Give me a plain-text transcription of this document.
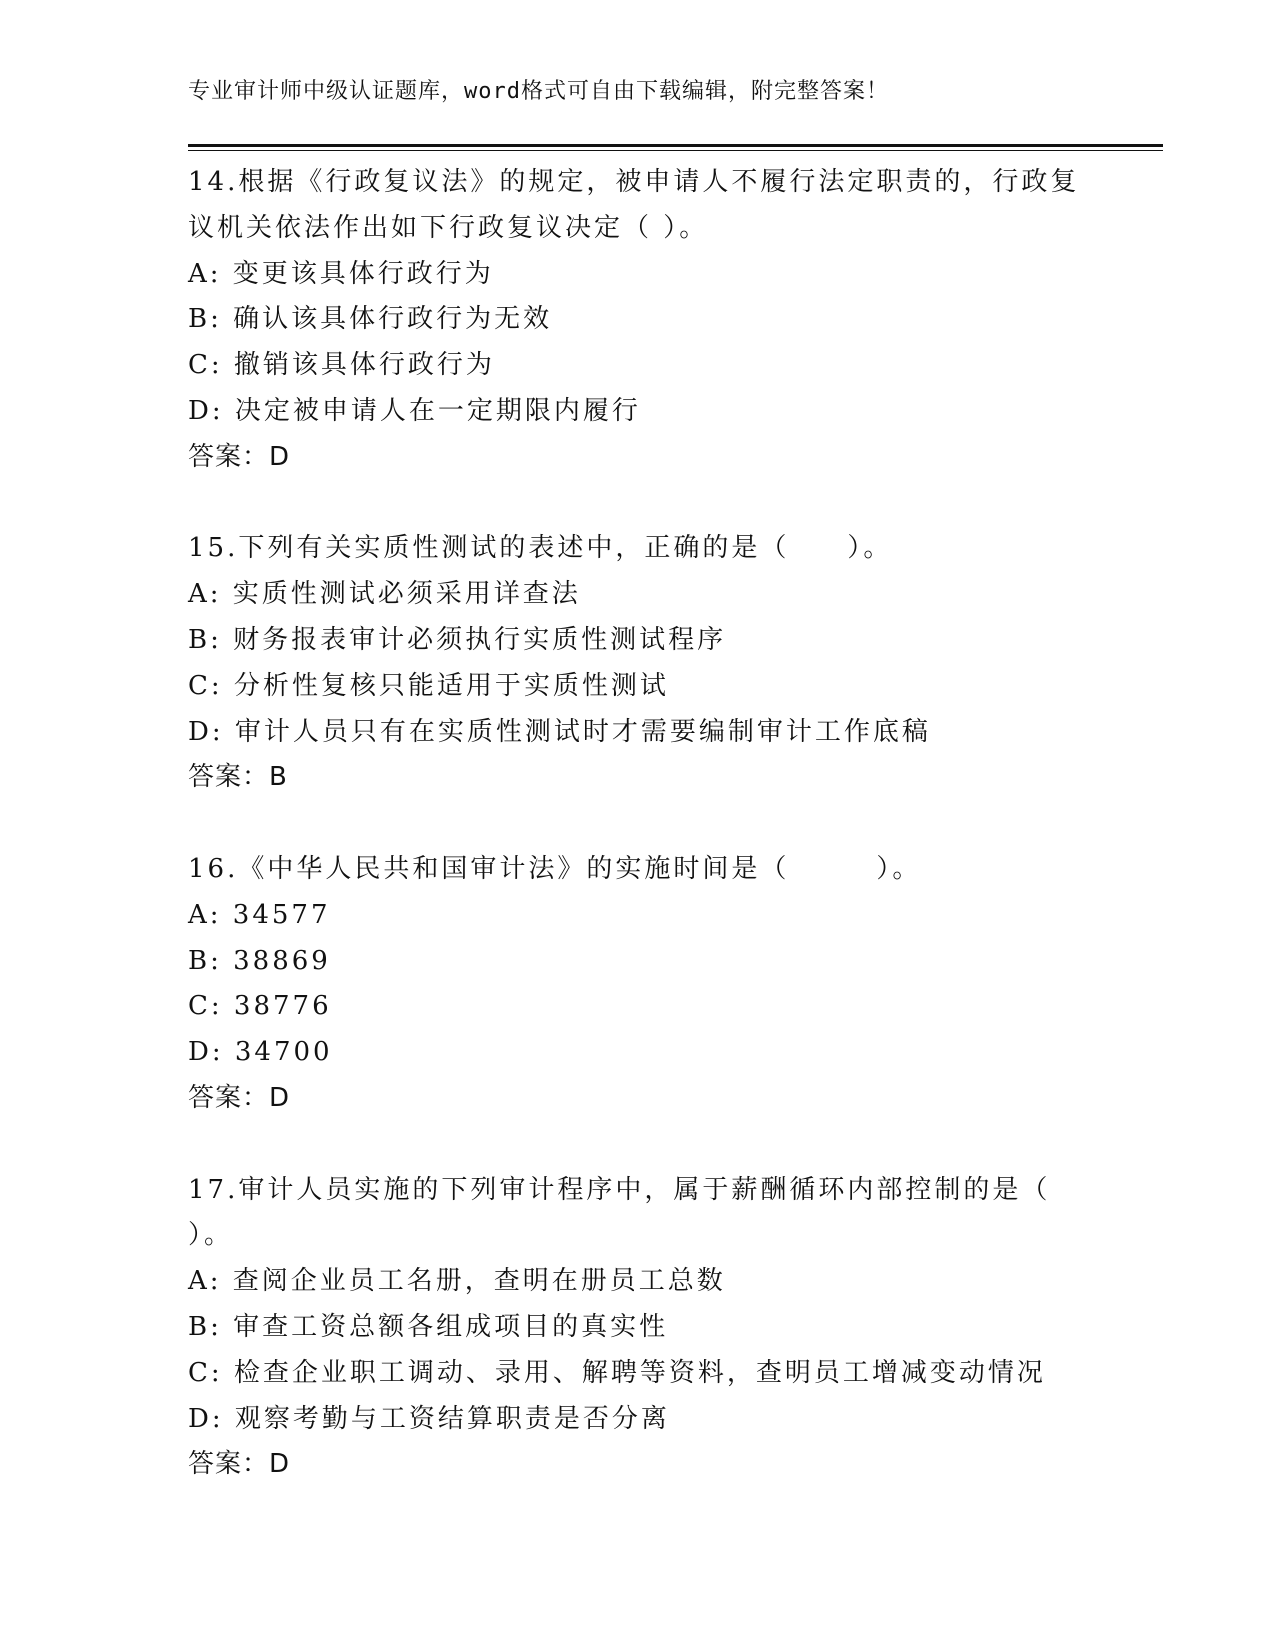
专业审计师中级认证题库，word格式可自由下载编辑，附完整答案！
14.根据《行政复议法》的规定，被申请人不履行法定职责的，行政复
议机关依法作出如下行政复议决定（ ）。
A: 变更该具体行政行为
B: 确认该具体行政行为无效
C: 撤销该具体行政行为
D: 决定被申请人在一定期限内履行
答案：D
15.下列有关实质性测试的表述中，正确的是（　　）。
A: 实质性测试必须采用详查法
B: 财务报表审计必须执行实质性测试程序
C: 分析性复核只能适用于实质性测试
D: 审计人员只有在实质性测试时才需要编制审计工作底稿
答案：B
16.《中华人民共和国审计法》的实施时间是（　　　）。
A: 34577
B: 38869
C: 38776
D: 34700
答案：D
17.审计人员实施的下列审计程序中，属于薪酬循环内部控制的是（
）。
A: 查阅企业员工名册，查明在册员工总数
B: 审查工资总额各组成项目的真实性
C: 检查企业职工调动、录用、解聘等资料，查明员工增减变动情况
D: 观察考勤与工资结算职责是否分离
答案：D
